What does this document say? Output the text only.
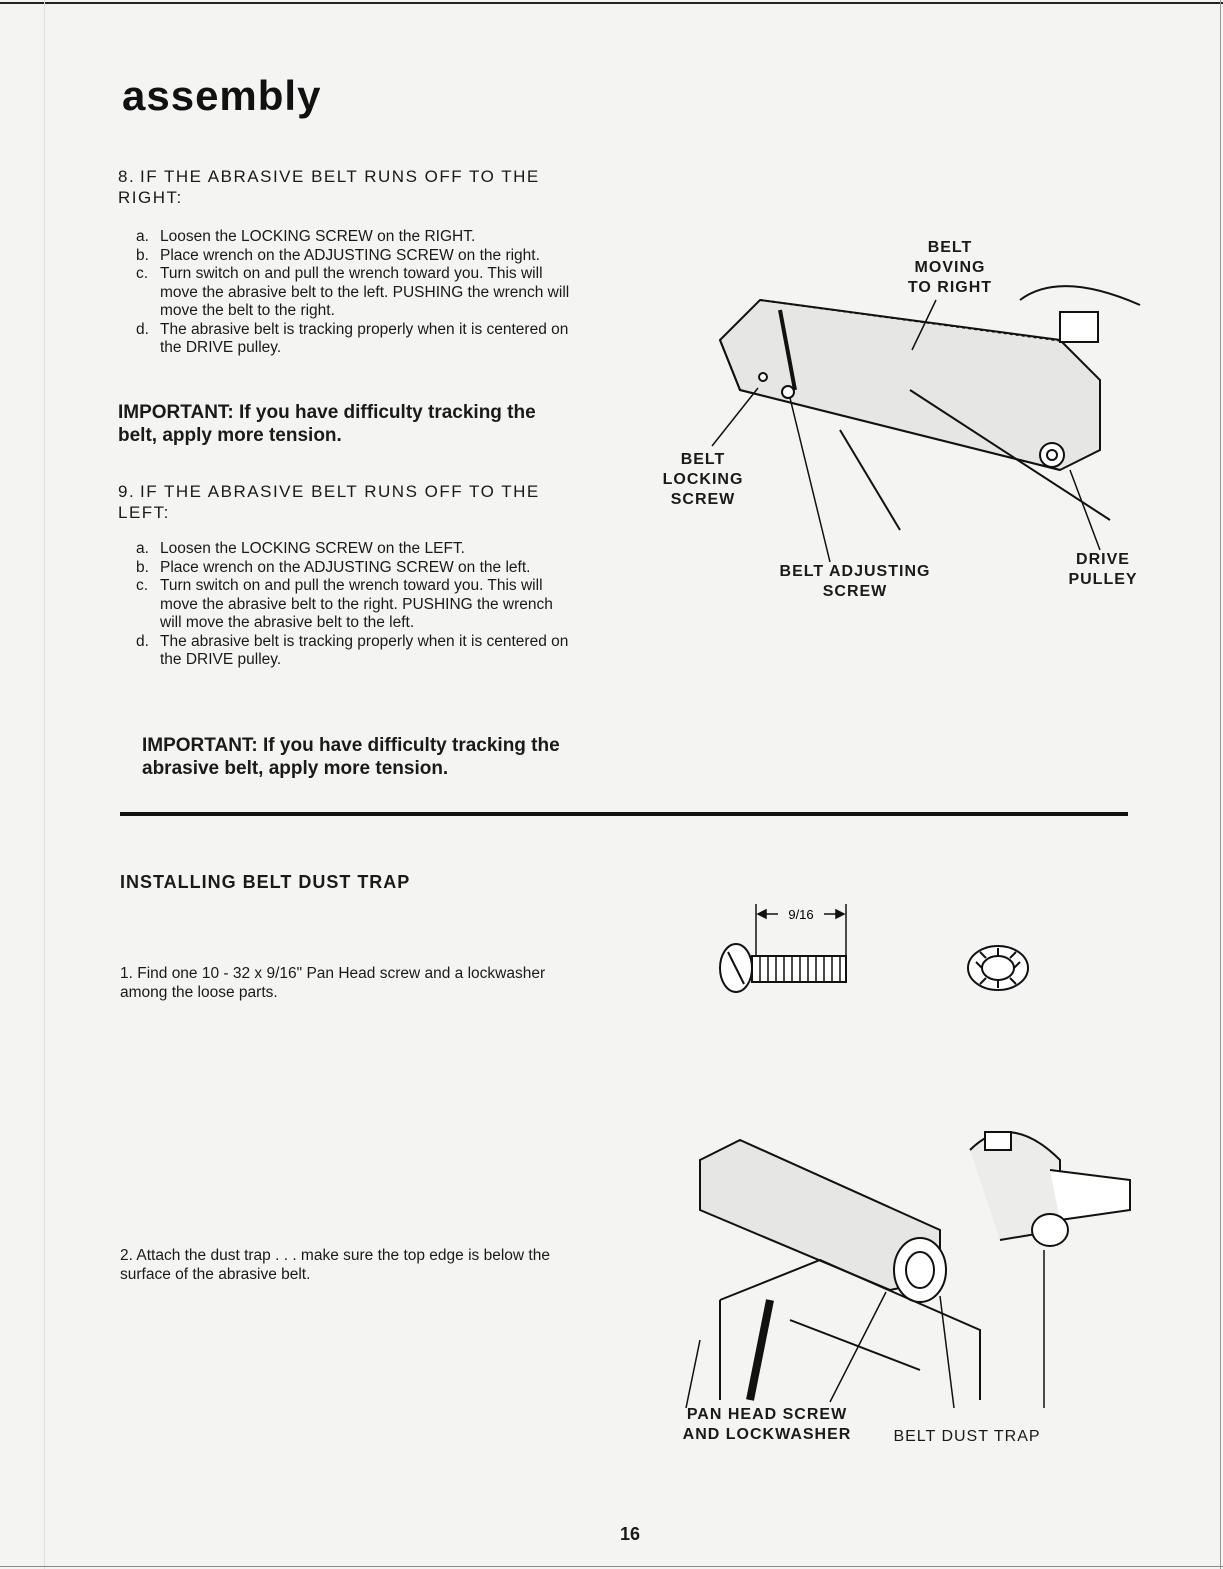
assembly
8. IF THE ABRASIVE BELT RUNS OFF TO THE RIGHT:
a. Loosen the LOCKING SCREW on the RIGHT.
b. Place wrench on the ADJUSTING SCREW on the right.
c. Turn switch on and pull the wrench toward you. This will move the abrasive belt to the left. PUSHING the wrench will move the belt to the right.
d. The abrasive belt is tracking properly when it is centered on the DRIVE pulley.
IMPORTANT: If you have difficulty tracking the belt, apply more tension.
9. IF THE ABRASIVE BELT RUNS OFF TO THE LEFT:
a. Loosen the LOCKING SCREW on the LEFT.
b. Place wrench on the ADJUSTING SCREW on the left.
c. Turn switch on and pull the wrench toward you. This will move the abrasive belt to the right. PUSHING the wrench will move the abrasive belt to the left.
d. The abrasive belt is tracking properly when it is centered on the DRIVE pulley.
IMPORTANT: If you have difficulty tracking the abrasive belt, apply more tension.
BELT MOVING TO RIGHT
BELT LOCKING SCREW
BELT ADJUSTING SCREW
DRIVE PULLEY
INSTALLING BELT DUST TRAP
1. Find one 10 - 32 x 9/16" Pan Head screw and a lockwasher among the loose parts.
2. Attach the dust trap . . . make sure the top edge is below the surface of the abrasive belt.
9/16
PAN HEAD SCREW AND LOCKWASHER	BELT DUST TRAP
16
